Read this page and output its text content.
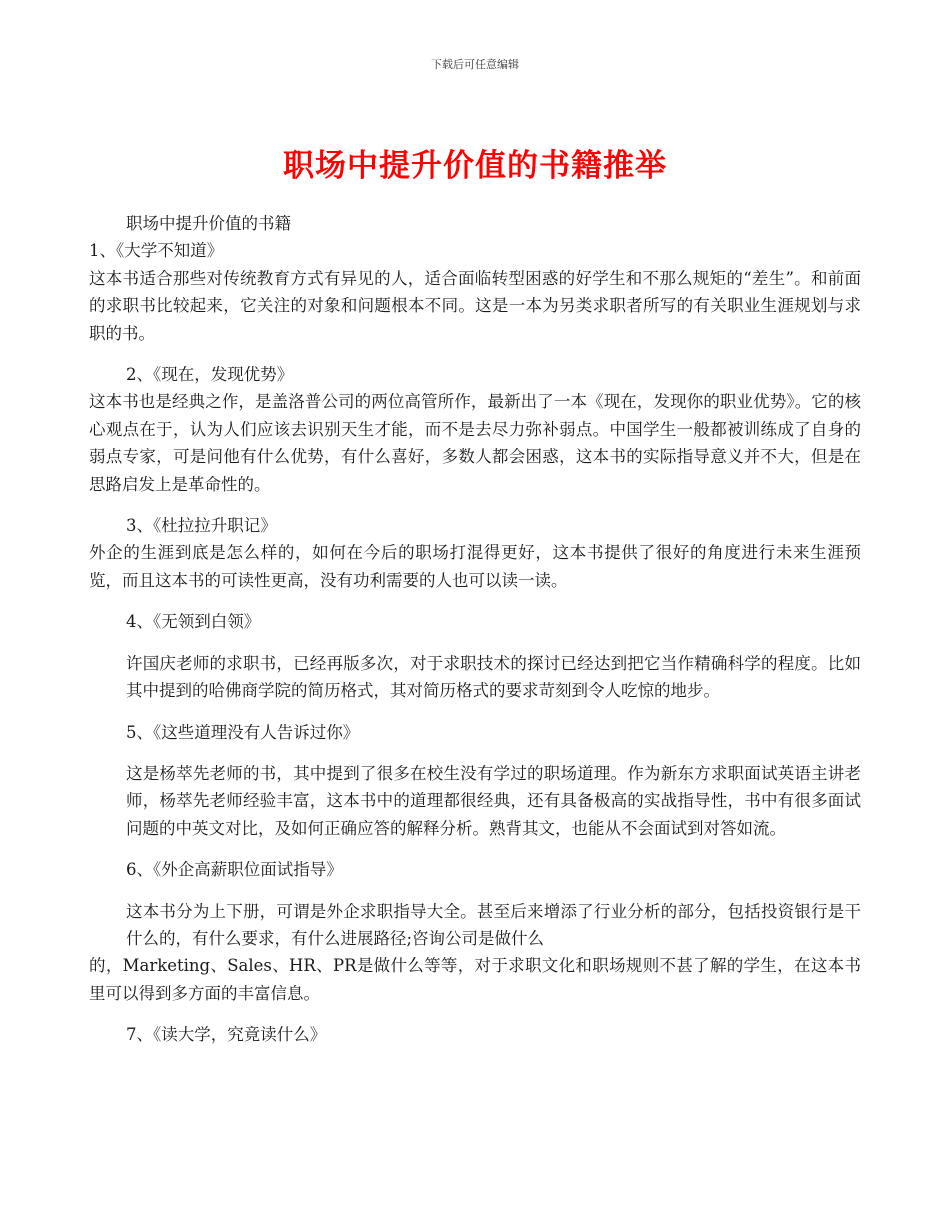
下载后可任意编辑
职场中提升价值的书籍推举

职场中提升价值的书籍

1、《大学不知道》

这本书适合那些对传统教育方式有异见的人，适合面临转型困惑的好学生和不那么规矩的“差生”。和前面的求职书比较起来，它关注的对象和问题根本不同。这是一本为另类求职者所写的有关职业生涯规划与求职的书。

2、《现在，发现优势》

这本书也是经典之作，是盖洛普公司的两位高管所作，最新出了一本《现在，发现你的职业优势》。它的核心观点在于，认为人们应该去识别天生才能，而不是去尽力弥补弱点。中国学生一般都被训练成了自身的弱点专家，可是问他有什么优势，有什么喜好，多数人都会困惑，这本书的实际指导意义并不大，但是在思路启发上是革命性的。

3、《杜拉拉升职记》

外企的生涯到底是怎么样的，如何在今后的职场打混得更好，这本书提供了很好的角度进行未来生涯预览，而且这本书的可读性更高，没有功利需要的人也可以读一读。

4、《无领到白领》

许国庆老师的求职书，已经再版多次，对于求职技术的探讨已经达到把它当作精确科学的程度。比如其中提到的哈佛商学院的简历格式，其对简历格式的要求苛刻到令人吃惊的地步。

5、《这些道理没有人告诉过你》

这是杨萃先老师的书，其中提到了很多在校生没有学过的职场道理。作为新东方求职面试英语主讲老师，杨萃先老师经验丰富，这本书中的道理都很经典，还有具备极高的实战指导性，书中有很多面试问题的中英文对比，及如何正确应答的解释分析。熟背其文，也能从不会面试到对答如流。

6、《外企高薪职位面试指导》

这本书分为上下册，可谓是外企求职指导大全。甚至后来增添了行业分析的部分，包括投资银行是干什么的，有什么要求，有什么进展路径;咨询公司是做什么

的，Marketing、Sales、HR、PR是做什么等等，对于求职文化和职场规则不甚了解的学生，在这本书里可以得到多方面的丰富信息。

7、《读大学，究竟读什么》
